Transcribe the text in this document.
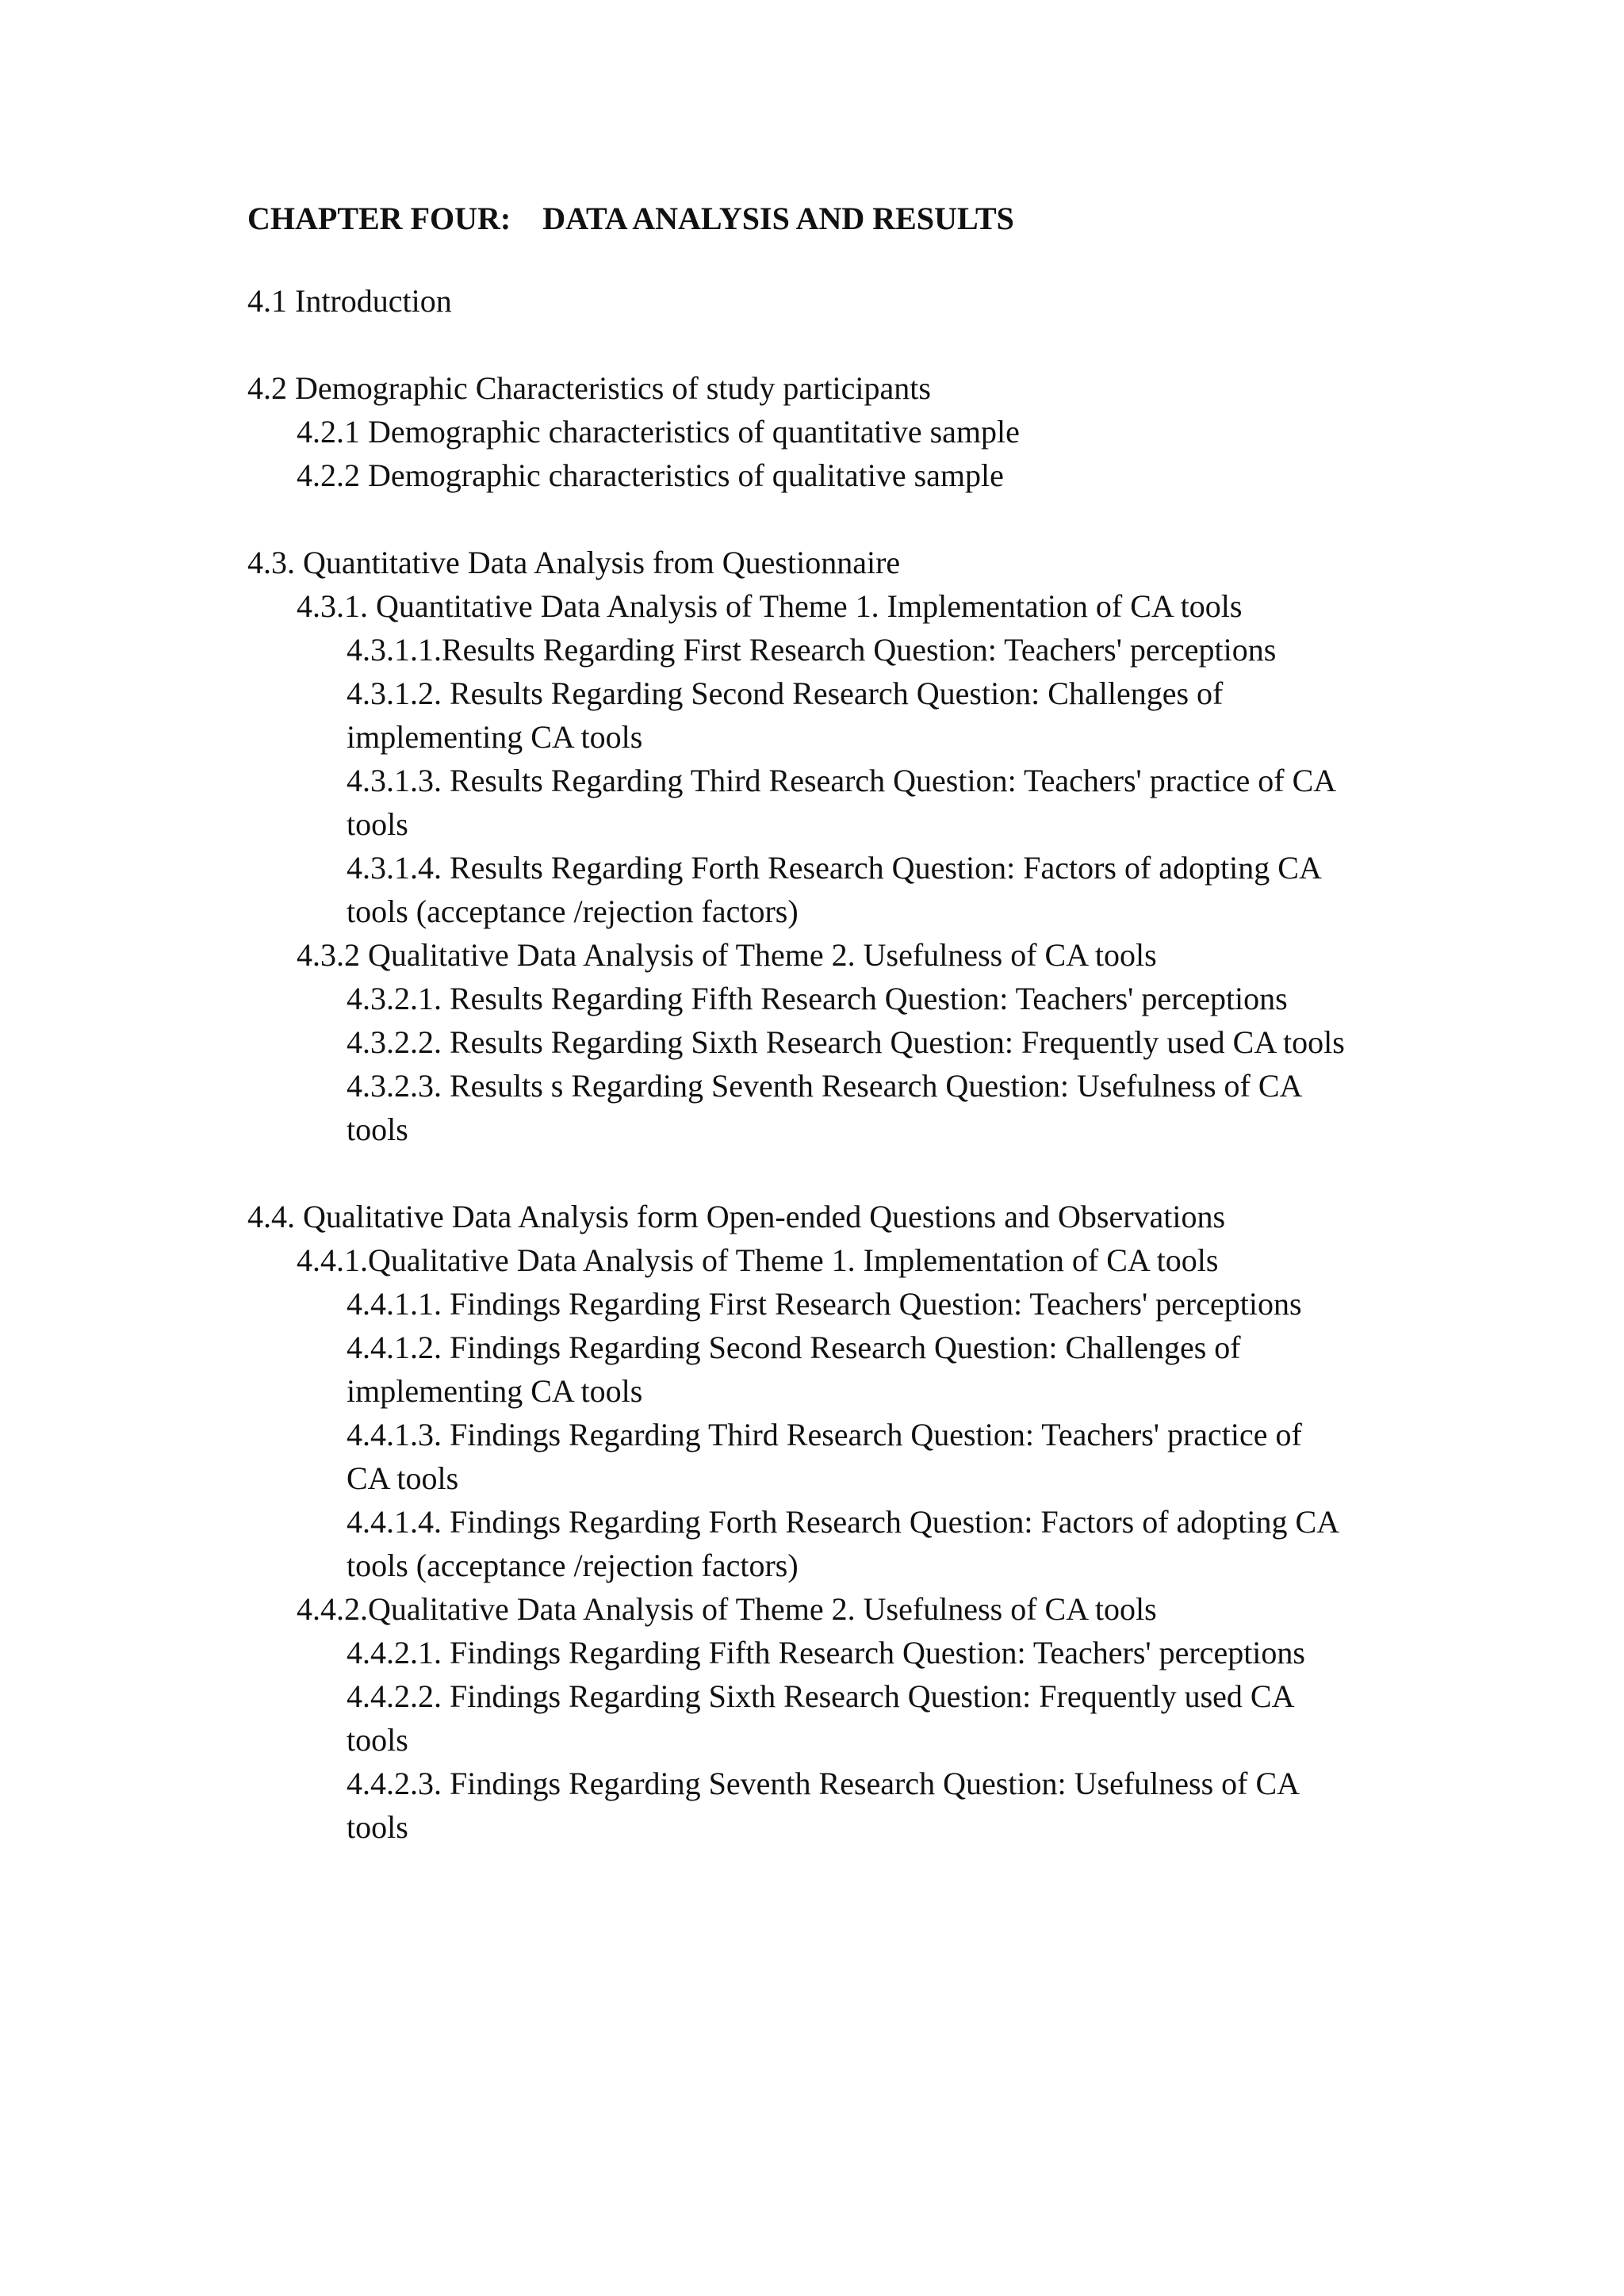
CHAPTER FOUR:    DATA ANALYSIS AND RESULTS
4.1 Introduction
4.2 Demographic Characteristics of study participants
4.2.1 Demographic characteristics of quantitative sample
4.2.2 Demographic characteristics of qualitative sample
4.3. Quantitative Data Analysis from Questionnaire
4.3.1. Quantitative Data Analysis of Theme 1. Implementation of CA tools
4.3.1.1.Results Regarding First Research Question: Teachers' perceptions
4.3.1.2. Results Regarding Second Research Question: Challenges of
implementing CA tools
4.3.1.3. Results Regarding Third Research Question: Teachers' practice of CA
tools
4.3.1.4. Results Regarding Forth Research Question: Factors of adopting CA
tools (acceptance /rejection factors)
4.3.2 Qualitative Data Analysis of Theme 2. Usefulness of CA tools
4.3.2.1. Results Regarding Fifth Research Question: Teachers' perceptions
4.3.2.2. Results Regarding Sixth Research Question: Frequently used CA tools
4.3.2.3. Results s Regarding Seventh Research Question: Usefulness of CA
tools
4.4. Qualitative Data Analysis form Open-ended Questions and Observations
4.4.1.Qualitative Data Analysis of Theme 1. Implementation of CA tools
4.4.1.1. Findings Regarding First Research Question: Teachers' perceptions
4.4.1.2. Findings Regarding Second Research Question: Challenges of
implementing CA tools
4.4.1.3. Findings Regarding Third Research Question: Teachers' practice of
CA tools
4.4.1.4. Findings Regarding Forth Research Question: Factors of adopting CA
tools (acceptance /rejection factors)
4.4.2.Qualitative Data Analysis of Theme 2. Usefulness of CA tools
4.4.2.1. Findings Regarding Fifth Research Question: Teachers' perceptions
4.4.2.2. Findings Regarding Sixth Research Question: Frequently used CA
tools
4.4.2.3. Findings Regarding Seventh Research Question: Usefulness of CA
tools
